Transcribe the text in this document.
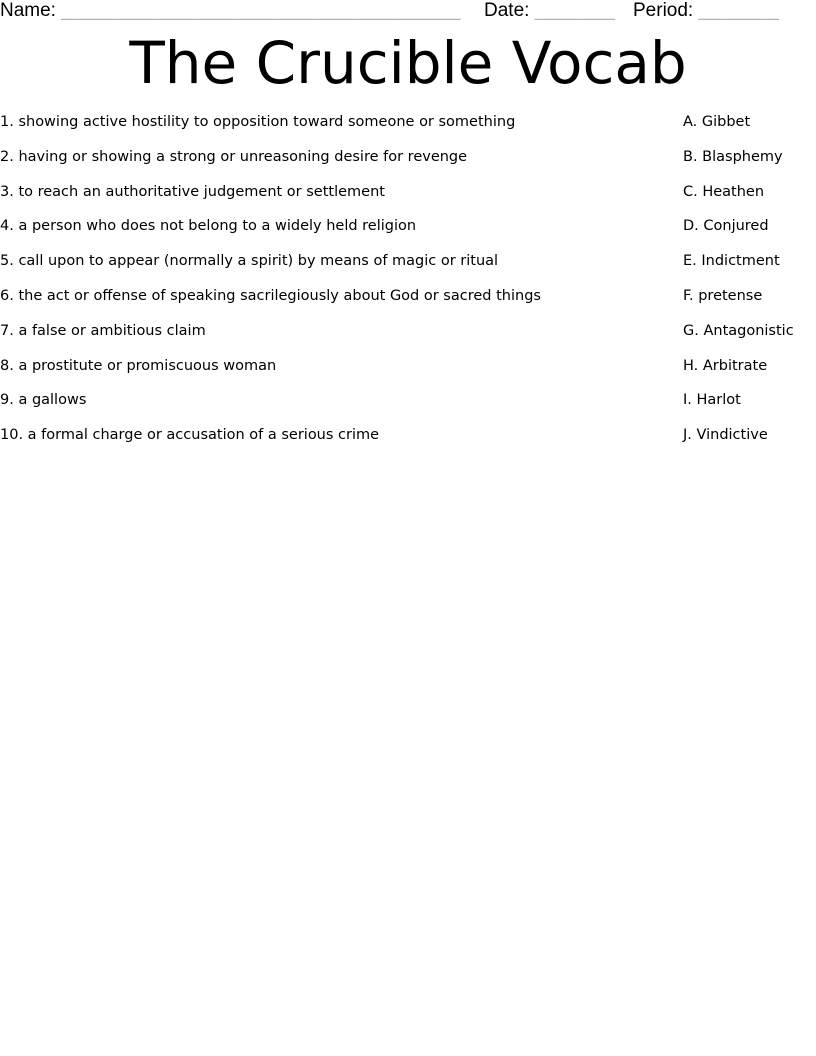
Name: ________________________________________ Date: ________ Period: ________
The Crucible Vocab
1. showing active hostility to opposition toward someone or something
2. having or showing a strong or unreasoning desire for revenge
3. to reach an authoritative judgement or settlement
4. a person who does not belong to a widely held religion
5. call upon to appear (normally a spirit) by means of magic or ritual
6. the act or offense of speaking sacrilegiously about God or sacred things
7. a false or ambitious claim
8. a prostitute or promiscuous woman
9. a gallows
10. a formal charge or accusation of a serious crime
A. Gibbet
B. Blasphemy
C. Heathen
D. Conjured
E. Indictment
F. pretense
G. Antagonistic
H. Arbitrate
I. Harlot
J. Vindictive
